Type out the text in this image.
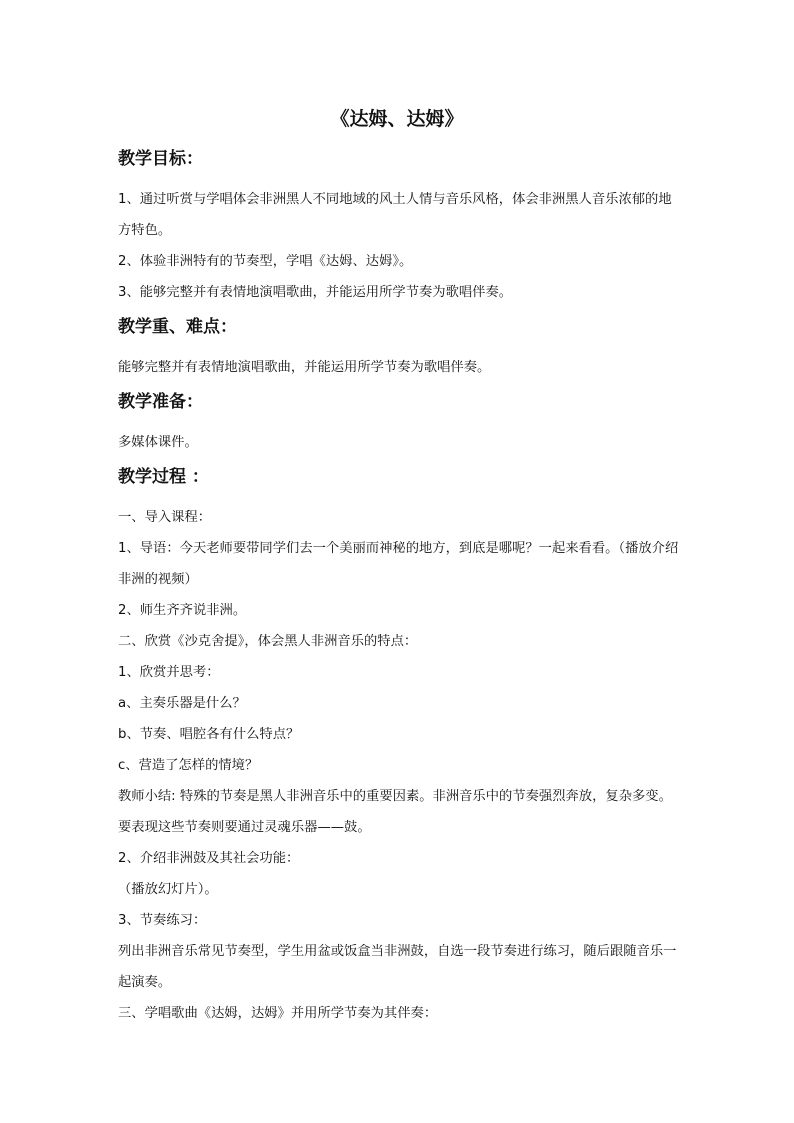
《达姆、达姆》
教学目标：

1、通过听赏与学唱体会非洲黑人不同地域的风土人情与音乐风格，体会非洲黑人音乐浓郁的地方特色。

2、体验非洲特有的节奏型，学唱《达姆、达姆》。

3、能够完整并有表情地演唱歌曲，并能运用所学节奏为歌唱伴奏。

教学重、难点：

能够完整并有表情地演唱歌曲，并能运用所学节奏为歌唱伴奏。

教学准备：

多媒体课件。

教学过程 ：

一、导入课程：

1、导语：今天老师要带同学们去一个美丽而神秘的地方，到底是哪呢？一起来看看。（播放介绍非洲的视频）

2、师生齐齐说非洲。

二、欣赏《沙克舍提》，体会黑人非洲音乐的特点：

1、欣赏并思考：

a、主奏乐器是什么？

b、节奏、唱腔各有什么特点？

c、营造了怎样的情境？

教师小结: 特殊的节奏是黑人非洲音乐中的重要因素。非洲音乐中的节奏强烈奔放，复杂多变。要表现这些节奏则要通过灵魂乐器——鼓。

2、介绍非洲鼓及其社会功能：

（播放幻灯片）。

3、节奏练习：

列出非洲音乐常见节奏型，学生用盆或饭盒当非洲鼓，自选一段节奏进行练习，随后跟随音乐一起演奏。

三、学唱歌曲《达姆，达姆》并用所学节奏为其伴奏：
